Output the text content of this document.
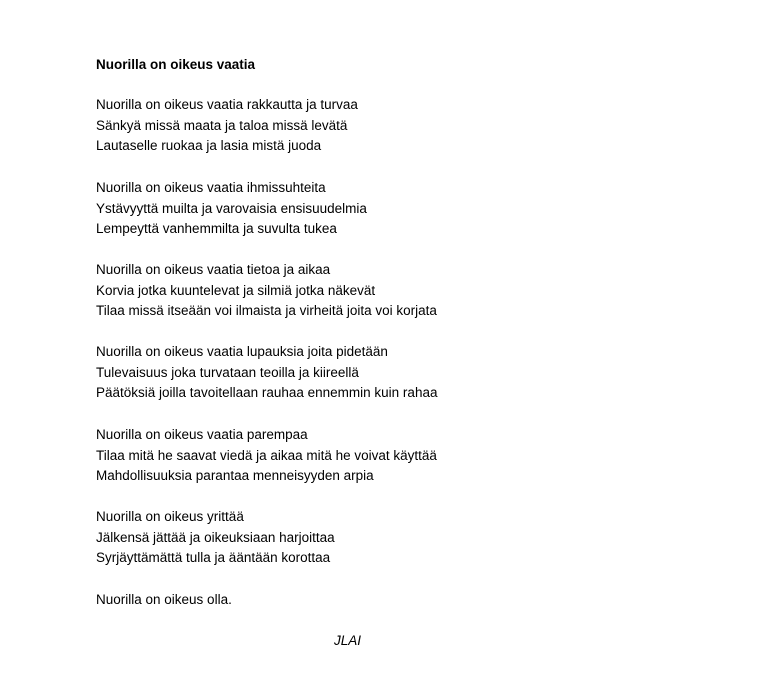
Nuorilla on oikeus vaatia
Nuorilla on oikeus vaatia rakkautta ja turvaa
Sänkyä missä maata ja taloa missä levätä
Lautaselle ruokaa ja lasia mistä juoda
Nuorilla on oikeus vaatia ihmissuhteita
Ystävyyttä muilta ja varovaisia ensisuudelmia
Lempeyttä vanhemmilta ja suvulta tukea
Nuorilla on oikeus vaatia tietoa ja aikaa
Korvia jotka kuuntelevat ja silmiä jotka näkevät
Tilaa missä itseään voi ilmaista ja virheitä joita voi korjata
Nuorilla on oikeus vaatia lupauksia joita pidetään
Tulevaisuus joka turvataan teoilla ja kiireellä
Päätöksiä joilla tavoitellaan rauhaa ennemmin kuin rahaa
Nuorilla on oikeus vaatia parempaa
Tilaa mitä he saavat viedä ja aikaa mitä he voivat käyttää
Mahdollisuuksia parantaa menneisyyden arpia
Nuorilla on oikeus yrittää
Jälkensä jättää ja oikeuksiaan harjoittaa
Syrjäyttämättä tulla ja ääntään korottaa
Nuorilla on oikeus olla.
JLAI
